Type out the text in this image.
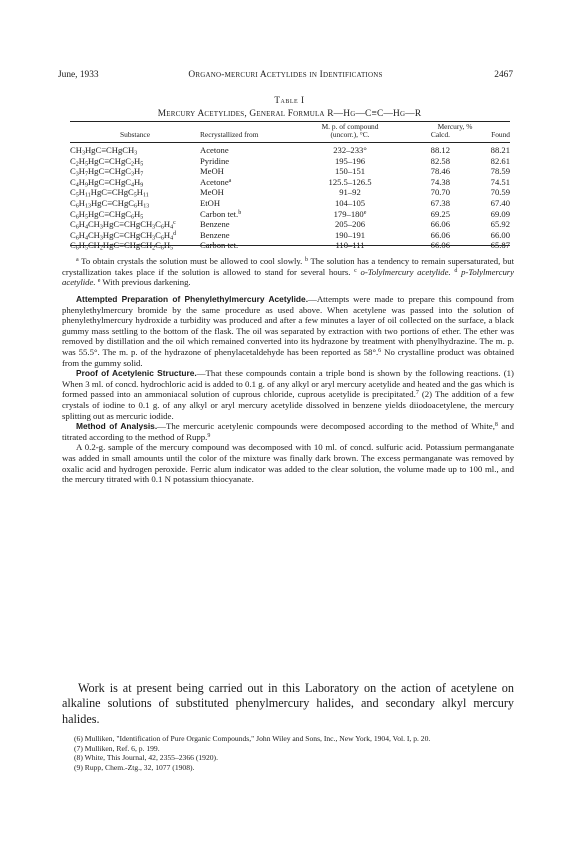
June, 1933	Organo-mercuri Acetylides in Identifications	2467
Table I
Mercury Acetylides, General Formula R—Hg—C≡C—Hg—R
		M. p. of compound	Mercury, %	
Substance	Recrystallized from	(uncorr.), °C.	Calcd.	Found

$CH_3HgC\equiv CHgCH_3$	Acetone	232–233°	88.12	88.21
$C_2H_5HgC\equiv CHgC_2H_5$	Pyridine	195–196	82.58	82.61
$C_3H_7HgC\equiv CHgC_3H_7$	MeOH	150–151	78.46	78.59
$C_4H_9HgC\equiv CHgC_4H_9$	Acetone$^a$	125.5–126.5	74.38	74.51
$C_5H_{11}HgC\equiv CHgC_5H_{11}$	MeOH	91–92	70.70	70.59
$C_6H_{13}HgC\equiv CHgC_6H_{13}$	EtOH	104–105	67.38	67.40
$C_6H_5HgC\equiv CHgC_6H_5$	Carbon tet.$^b$	179–180e	69.25	69.09
$C_6H_4CH_3HgC\equiv CHgCH_3C_6H_4^c$	Benzene	205–206	66.06	65.92
$C_6H_4CH_3HgC\equiv CHgCH_3C_6H_4^d$	Benzene	190–191	66.06	66.00
$C_6H_5CH_2HgC\equiv CHgCH_2C_6H_5$	Carbon tet.	110–111	66.06	65.87
$^a$ To obtain crystals the solution must be allowed to cool slowly. $^b$ The solution has a tendency to remain supersaturated, but crystallization takes place if the solution is allowed to stand for several hours. $^c$ o-Tolylmercury acetylide. $^d$ p-Tolylmercury acetylide. $^e$ With previous darkening.

Attempted Preparation of Phenylethylmercury Acetylide.—Attempts were made to prepare this compound from phenylethylmercury bromide by the same procedure as used above. When acetylene was passed into the solution of phenylethylmercury hydroxide a turbidity was produced and after a few minutes a layer of oil collected on the surface, a black gummy mass settling to the bottom of the flask. The oil was separated by extraction with two portions of ether. The ether was removed by distillation and the oil which remained converted into its hydrazone by treatment with phenylhydrazine. The m. p. was 55.5°. The m. p. of the hydrazone of phenylacetaldehyde has been reported as 58°.$^6$ No crystalline product was obtained from the gummy solid.

Proof of Acetylenic Structure.—That these compounds contain a triple bond is shown by the following reactions. (1) When 3 ml. of concd. hydrochloric acid is added to 0.1 g. of any alkyl or aryl mercury acetylide and heated and the gas which is formed passed into an ammoniacal solution of cuprous chloride, cuprous acetylide is precipitated.$^7$ (2) The addition of a few crystals of iodine to 0.1 g. of any alkyl or aryl mercury acetylide dissolved in benzene yields diiodoacetylene, the mercury splitting out as mercuric iodide.

Method of Analysis.—The mercuric acetylenic compounds were decomposed according to the method of White,$^8$ and titrated according to the method of Rupp.$^9$

A 0.2-g. sample of the mercury compound was decomposed with 10 ml. of concd. sulfuric acid. Potassium permanganate was added in small amounts until the color of the mixture was finally dark brown. The excess permanganate was removed by oxalic acid and hydrogen peroxide. Ferric alum indicator was added to the clear solution, the volume made up to 100 ml., and the mercury titrated with 0.1 N potassium thiocyanate.

Work is at present being carried out in this Laboratory on the action of acetylene on alkaline solutions of substituted phenylmercury halides, and secondary alkyl mercury halides.

(6) Mulliken, "Identification of Pure Organic Compounds," John Wiley and Sons, Inc., New York, 1904, Vol. I, p. 20.

(7) Mulliken, Ref. 6, p. 199.

(8) White, This Journal, 42, 2355–2366 (1920).

(9) Rupp, Chem.-Ztg., 32, 1077 (1908).
